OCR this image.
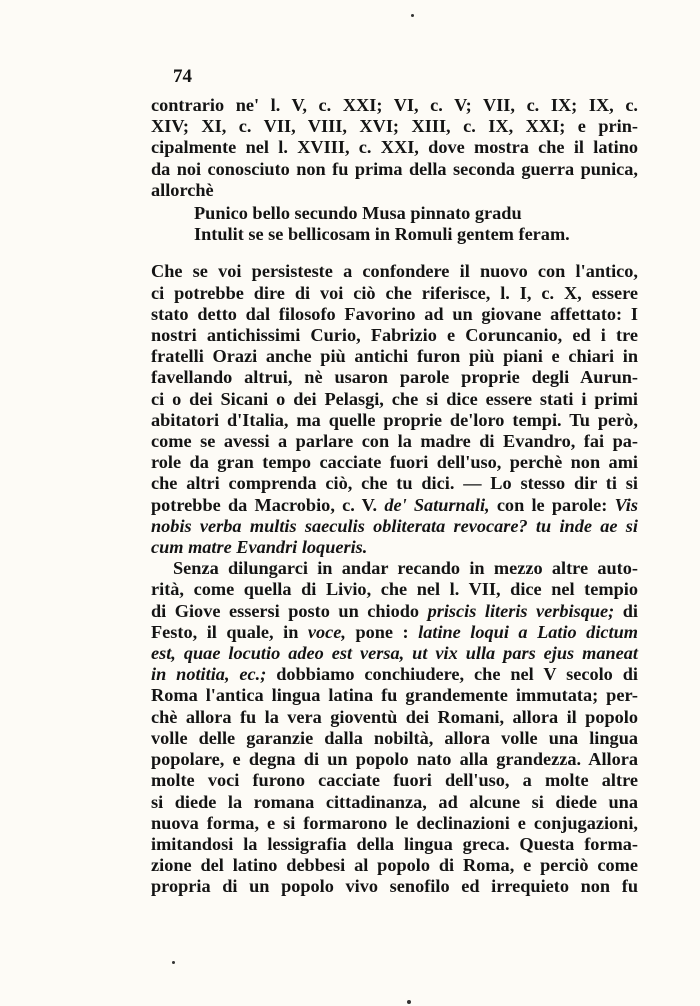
74
contrario ne' l. V, c. XXI; VI, c. V; VII, c. IX; IX, c.
XIV; XI, c. VII, VIII, XVI; XIII, c. IX, XXI; e prin-
cipalmente nel l. XVIII, c. XXI, dove mostra che il latino
da noi conosciuto non fu prima della seconda guerra punica,
allorchè
Punico bello secundo Musa pinnato gradu
Intulit se se bellicosam in Romuli gentem feram.
Che se voi persisteste a confondere il nuovo con l'antico,
ci potrebbe dire di voi ciò che riferisce, l. I, c. X, essere
stato detto dal filosofo Favorino ad un giovane affettato: I
nostri antichissimi Curio, Fabrizio e Coruncanio, ed i tre
fratelli Orazi anche più antichi furon più piani e chiari in
favellando altrui, nè usaron parole proprie degli Aurun-
ci o dei Sicani o dei Pelasgi, che si dice essere stati i primi
abitatori d'Italia, ma quelle proprie de'loro tempi. Tu però,
come se avessi a parlare con la madre di Evandro, fai pa-
role da gran tempo cacciate fuori dell'uso, perchè non ami
che altri comprenda ciò, che tu dici. — Lo stesso dir ti si
potrebbe da Macrobio, c. V. de' Saturnali, con le parole: Vis
nobis verba multis saeculis obliterata revocare? tu inde ae si
cum matre Evandri loqueris.
Senza dilungarci in andar recando in mezzo altre auto-
rità, come quella di Livio, che nel l. VII, dice nel tempio
di Giove essersi posto un chiodo priscis literis verbisque; di
Festo, il quale, in voce, pone : latine loqui a Latio dictum
est, quae locutio adeo est versa, ut vix ulla pars ejus maneat
in notitia, ec.; dobbiamo conchiudere, che nel V secolo di
Roma l'antica lingua latina fu grandemente immutata; per-
chè allora fu la vera gioventù dei Romani, allora il popolo
volle delle garanzie dalla nobiltà, allora volle una lingua
popolare, e degna di un popolo nato alla grandezza. Allora
molte voci furono cacciate fuori dell'uso, a molte altre
si diede la romana cittadinanza, ad alcune si diede una
nuova forma, e si formarono le declinazioni e conjugazioni,
imitandosi la lessigrafia della lingua greca. Questa forma-
zione del latino debbesi al popolo di Roma, e perciò come
propria di un popolo vivo senofilo ed irrequieto non fu
